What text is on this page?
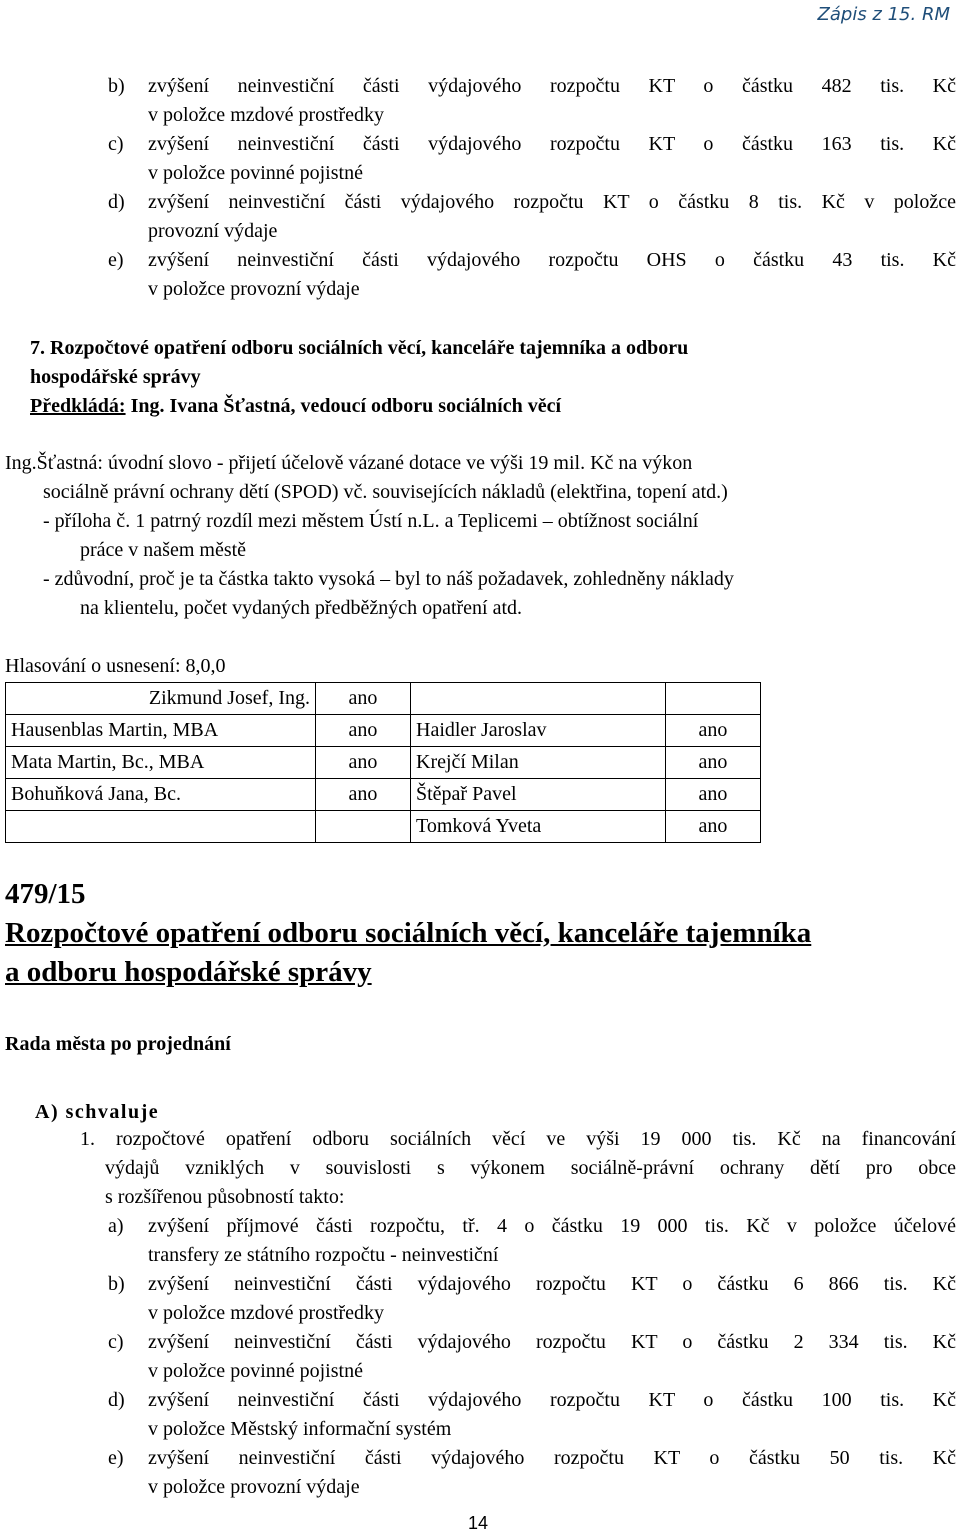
Zápis z 15. RM
b) zvýšení neinvestiční části výdajového rozpočtu KT o částku 482 tis. Kč
v položce mzdové prostředky
c) zvýšení neinvestiční části výdajového rozpočtu KT o částku 163 tis. Kč
v položce povinné pojistné
d) zvýšení neinvestiční části výdajového rozpočtu KT o částku 8 tis. Kč v položce
provozní výdaje
e) zvýšení neinvestiční části výdajového rozpočtu OHS o částku 43 tis. Kč
v položce provozní výdaje
7. Rozpočtové opatření odboru sociálních věcí, kanceláře tajemníka a odboru
hospodářské správy
Předkládá: Ing. Ivana Šťastná, vedoucí odboru sociálních věcí
Ing.Šťastná: úvodní slovo - přijetí účelově vázané dotace ve výši 19 mil. Kč na výkon
sociálně právní ochrany dětí (SPOD) vč. souvisejících nákladů (elektřina, topení atd.)
- příloha č. 1 patrný rozdíl mezi městem Ústí n.L. a Teplicemi – obtížnost sociální
práce v našem městě
- zdůvodní, proč je ta částka takto vysoká – byl to náš požadavek, zohledněny náklady
na klientelu, počet vydaných předběžných opatření atd.
Hlasování o usnesení: 8,0,0
Zikmund Josef, Ing.	ano		
Hausenblas Martin, MBA	ano	Haidler Jaroslav	ano
Mata Martin, Bc., MBA	ano	Krejčí Milan	ano
Bohuňková Jana, Bc.	ano	Štěpař Pavel	ano
		Tomková Yveta	ano
479/15
Rozpočtové opatření odboru sociálních věcí, kanceláře tajemníka
a odboru hospodářské správy
Rada města po projednání
A) schvaluje
1. rozpočtové opatření odboru sociálních věcí ve výši 19 000 tis. Kč na financování
výdajů vzniklých v souvislosti s výkonem sociálně-právní ochrany dětí pro obce
s rozšířenou působností takto:
a) zvýšení příjmové části rozpočtu, tř. 4 o částku 19 000 tis. Kč v položce účelové
transfery ze státního rozpočtu - neinvestiční
b) zvýšení neinvestiční části výdajového rozpočtu KT o částku 6 866 tis. Kč
v položce mzdové prostředky
c) zvýšení neinvestiční části výdajového rozpočtu KT o částku 2 334 tis. Kč
v položce povinné pojistné
d) zvýšení neinvestiční části výdajového rozpočtu KT o částku 100 tis. Kč
v položce Městský informační systém
e) zvýšení neinvestiční části výdajového rozpočtu KT o částku 50 tis. Kč
v položce provozní výdaje
14
